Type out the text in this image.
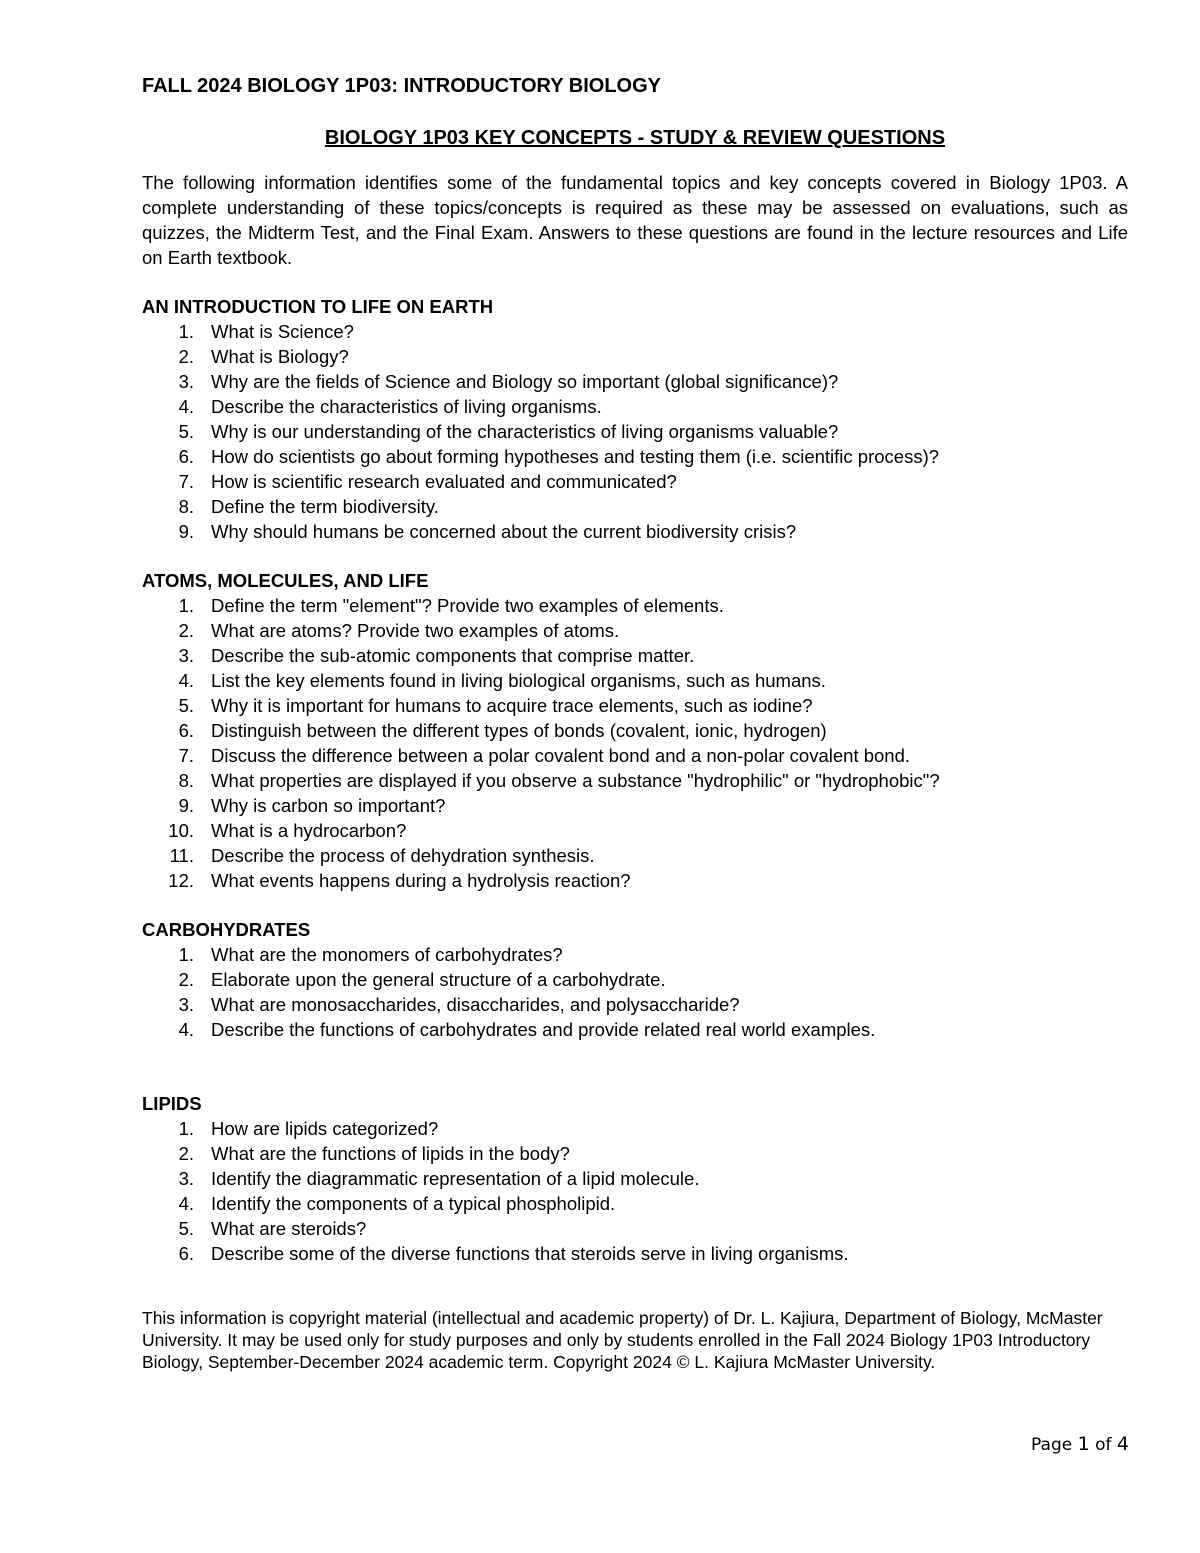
FALL 2024 BIOLOGY 1P03: INTRODUCTORY BIOLOGY
BIOLOGY 1P03 KEY CONCEPTS - STUDY & REVIEW QUESTIONS

The following information identifies some of the fundamental topics and key concepts covered in Biology 1P03. A complete understanding of these topics/concepts is required as these may be assessed on evaluations, such as quizzes, the Midterm Test, and the Final Exam. Answers to these questions are found in the lecture resources and Life on Earth textbook.

AN INTRODUCTION TO LIFE ON EARTH
1. What is Science?
2. What is Biology?
3. Why are the fields of Science and Biology so important (global significance)?
4. Describe the characteristics of living organisms.
5. Why is our understanding of the characteristics of living organisms valuable?
6. How do scientists go about forming hypotheses and testing them (i.e. scientific process)?
7. How is scientific research evaluated and communicated?
8. Define the term biodiversity.
9. Why should humans be concerned about the current biodiversity crisis?
ATOMS, MOLECULES, AND LIFE
1. Define the term "element"? Provide two examples of elements.
2. What are atoms? Provide two examples of atoms.
3. Describe the sub-atomic components that comprise matter.
4. List the key elements found in living biological organisms, such as humans.
5. Why it is important for humans to acquire trace elements, such as iodine?
6. Distinguish between the different types of bonds (covalent, ionic, hydrogen)
7. Discuss the difference between a polar covalent bond and a non-polar covalent bond.
8. What properties are displayed if you observe a substance "hydrophilic" or "hydrophobic"?
9. Why is carbon so important?
10. What is a hydrocarbon?
11. Describe the process of dehydration synthesis.
12. What events happens during a hydrolysis reaction?
CARBOHYDRATES
1. What are the monomers of carbohydrates?
2. Elaborate upon the general structure of a carbohydrate.
3. What are monosaccharides, disaccharides, and polysaccharide?
4. Describe the functions of carbohydrates and provide related real world examples.
LIPIDS
1. How are lipids categorized?
2. What are the functions of lipids in the body?
3. Identify the diagrammatic representation of a lipid molecule.
4. Identify the components of a typical phospholipid.
5. What are steroids?
6. Describe some of the diverse functions that steroids serve in living organisms.

This information is copyright material (intellectual and academic property) of Dr. L. Kajiura, Department of Biology, McMaster University. It may be used only for study purposes and only by students enrolled in the Fall 2024 Biology 1P03 Introductory Biology, September-December 2024 academic term. Copyright 2024 © L. Kajiura McMaster University.

Page 1 of 4
